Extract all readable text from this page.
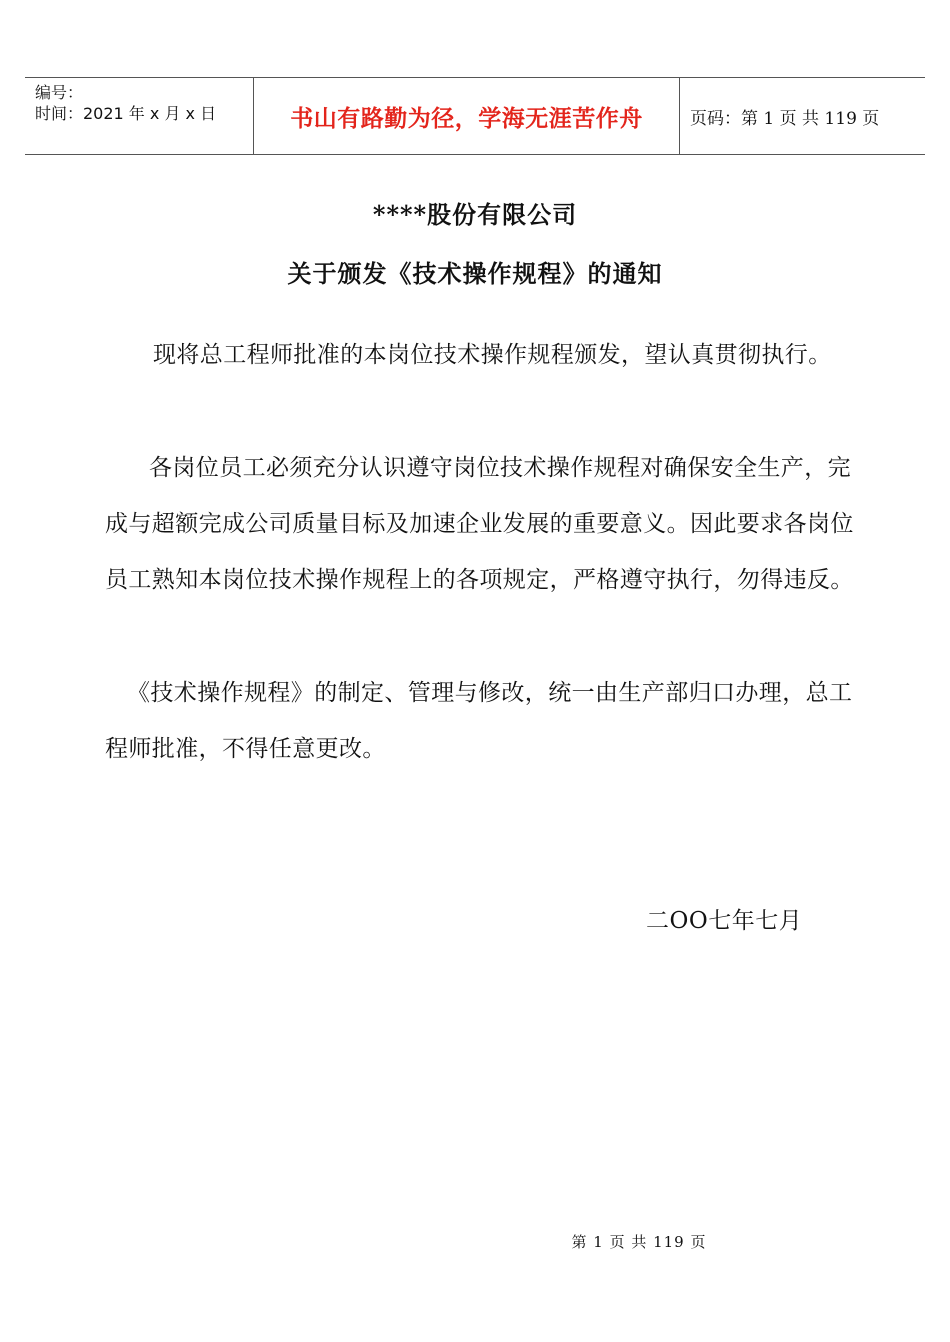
编号：
时间：2021 年 x 月 x 日	书山有路勤为径，学海无涯苦作舟	页码：第 1 页 共 119 页
****股份有限公司
关于颁发《技术操作规程》的通知
现将总工程师批准的本岗位技术操作规程颁发，望认真贯彻执行。
各岗位员工必须充分认识遵守岗位技术操作规程对确保安全生产，完成与超额完成公司质量目标及加速企业发展的重要意义。因此要求各岗位员工熟知本岗位技术操作规程上的各项规定，严格遵守执行，勿得违反。
《技术操作规程》的制定、管理与修改，统一由生产部归口办理，总工程师批准，不得任意更改。
二OO七年七月
第 1 页 共 119 页
